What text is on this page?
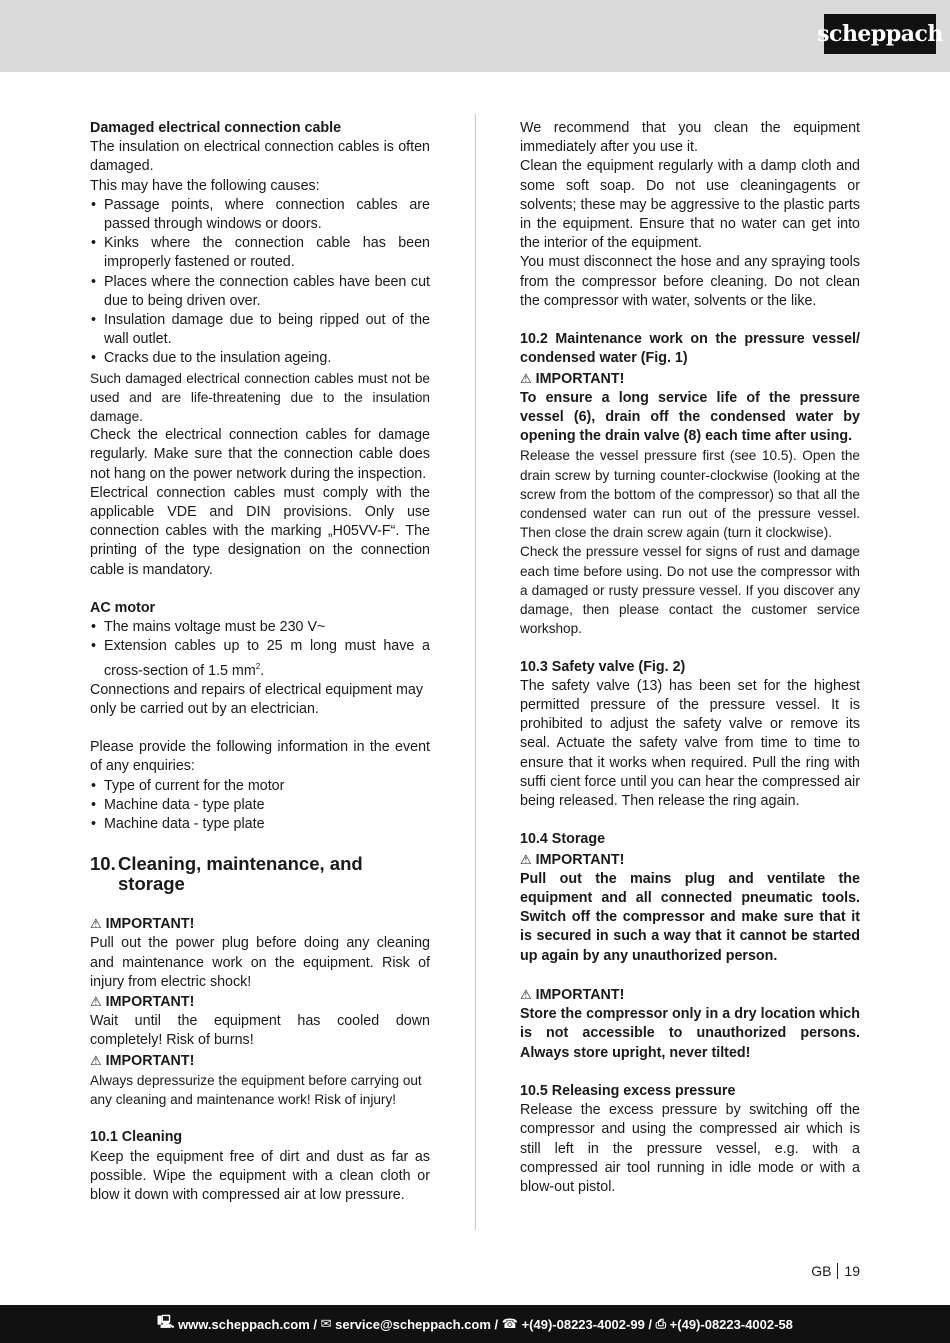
scheppach

Damaged electrical connection cable

The insulation on electrical connection cables is often damaged.

This may have the following causes:

• Passage points, where connection cables are passed through windows or doors.
• Kinks where the connection cable has been improperly fastened or routed.
• Places where the connection cables have been cut due to being driven over.
• Insulation damage due to being ripped out of the wall outlet.
• Cracks due to the insulation ageing.

Such damaged electrical connection cables must not be used and are life-threatening due to the insulation damage.

Check the electrical connection cables for damage regularly. Make sure that the connection cable does not hang on the power network during the inspection.

Electrical connection cables must comply with the applicable VDE and DIN provisions. Only use connection cables with the marking „H05VV-F“. The printing of the type designation on the connection cable is mandatory.

AC motor

• The mains voltage must be 230 V~
• Extension cables up to 25 m long must have a cross-section of 1.5 $mm^2$.

Connections and repairs of electrical equipment may only be carried out by an electrician.

Please provide the following information in the event of any enquiries:

• Type of current for the motor
• Machine data - type plate
• Machine data - type plate
10. Cleaning, maintenance, and storage

⚠ IMPORTANT!

Pull out the power plug before doing any cleaning and maintenance work on the equipment. Risk of injury from electric shock!

⚠ IMPORTANT!

Wait until the equipment has cooled down completely! Risk of burns!

⚠ IMPORTANT!

Always depressurize the equipment before carrying out any cleaning and maintenance work! Risk of injury!

10.1 Cleaning

Keep the equipment free of dirt and dust as far as possible. Wipe the equipment with a clean cloth or blow it down with compressed air at low pressure.

We recommend that you clean the equipment immediately after you use it.

Clean the equipment regularly with a damp cloth and some soft soap. Do not use cleaningagents or solvents; these may be aggressive to the plastic parts in the equipment. Ensure that no water can get into the interior of the equipment.

You must disconnect the hose and any spraying tools from the compressor before cleaning. Do not clean the compressor with water, solvents or the like.

10.2 Maintenance work on the pressure vessel/ condensed water (Fig. 1)

⚠ IMPORTANT!

To ensure a long service life of the pressure vessel (6), drain off the condensed water by opening the drain valve (8) each time after using.

Release the vessel pressure first (see 10.5). Open the drain screw by turning counter-clockwise (looking at the screw from the bottom of the compressor) so that all the condensed water can run out of the pressure vessel. Then close the drain screw again (turn it clockwise).

Check the pressure vessel for signs of rust and damage each time before using. Do not use the compressor with a damaged or rusty pressure vessel. If you discover any damage, then please contact the customer service workshop.

10.3 Safety valve (Fig. 2)

The safety valve (13) has been set for the highest permitted pressure of the pressure vessel. It is prohibited to adjust the safety valve or remove its seal. Actuate the safety valve from time to time to ensure that it works when required. Pull the ring with suffi cient force until you can hear the compressed air being released. Then release the ring again.

10.4 Storage

⚠ IMPORTANT!

Pull out the mains plug and ventilate the equipment and all connected pneumatic tools. Switch off the compressor and make sure that it is secured in such a way that it cannot be started up again by any unauthorized person.

⚠ IMPORTANT!

Store the compressor only in a dry location which is not accessible to unauthorized persons. Always store upright, never tilted!

10.5 Releasing excess pressure

Release the excess pressure by switching off the compressor and using the compressed air which is still left in the pressure vessel, e.g. with a compressed air tool running in idle mode or with a blow-out pistol.

GB 19
🖳 www.scheppach.com / ✉ service@scheppach.com / ☎ +(49)-08223-4002-99 / ⎙ +(49)-08223-4002-58
